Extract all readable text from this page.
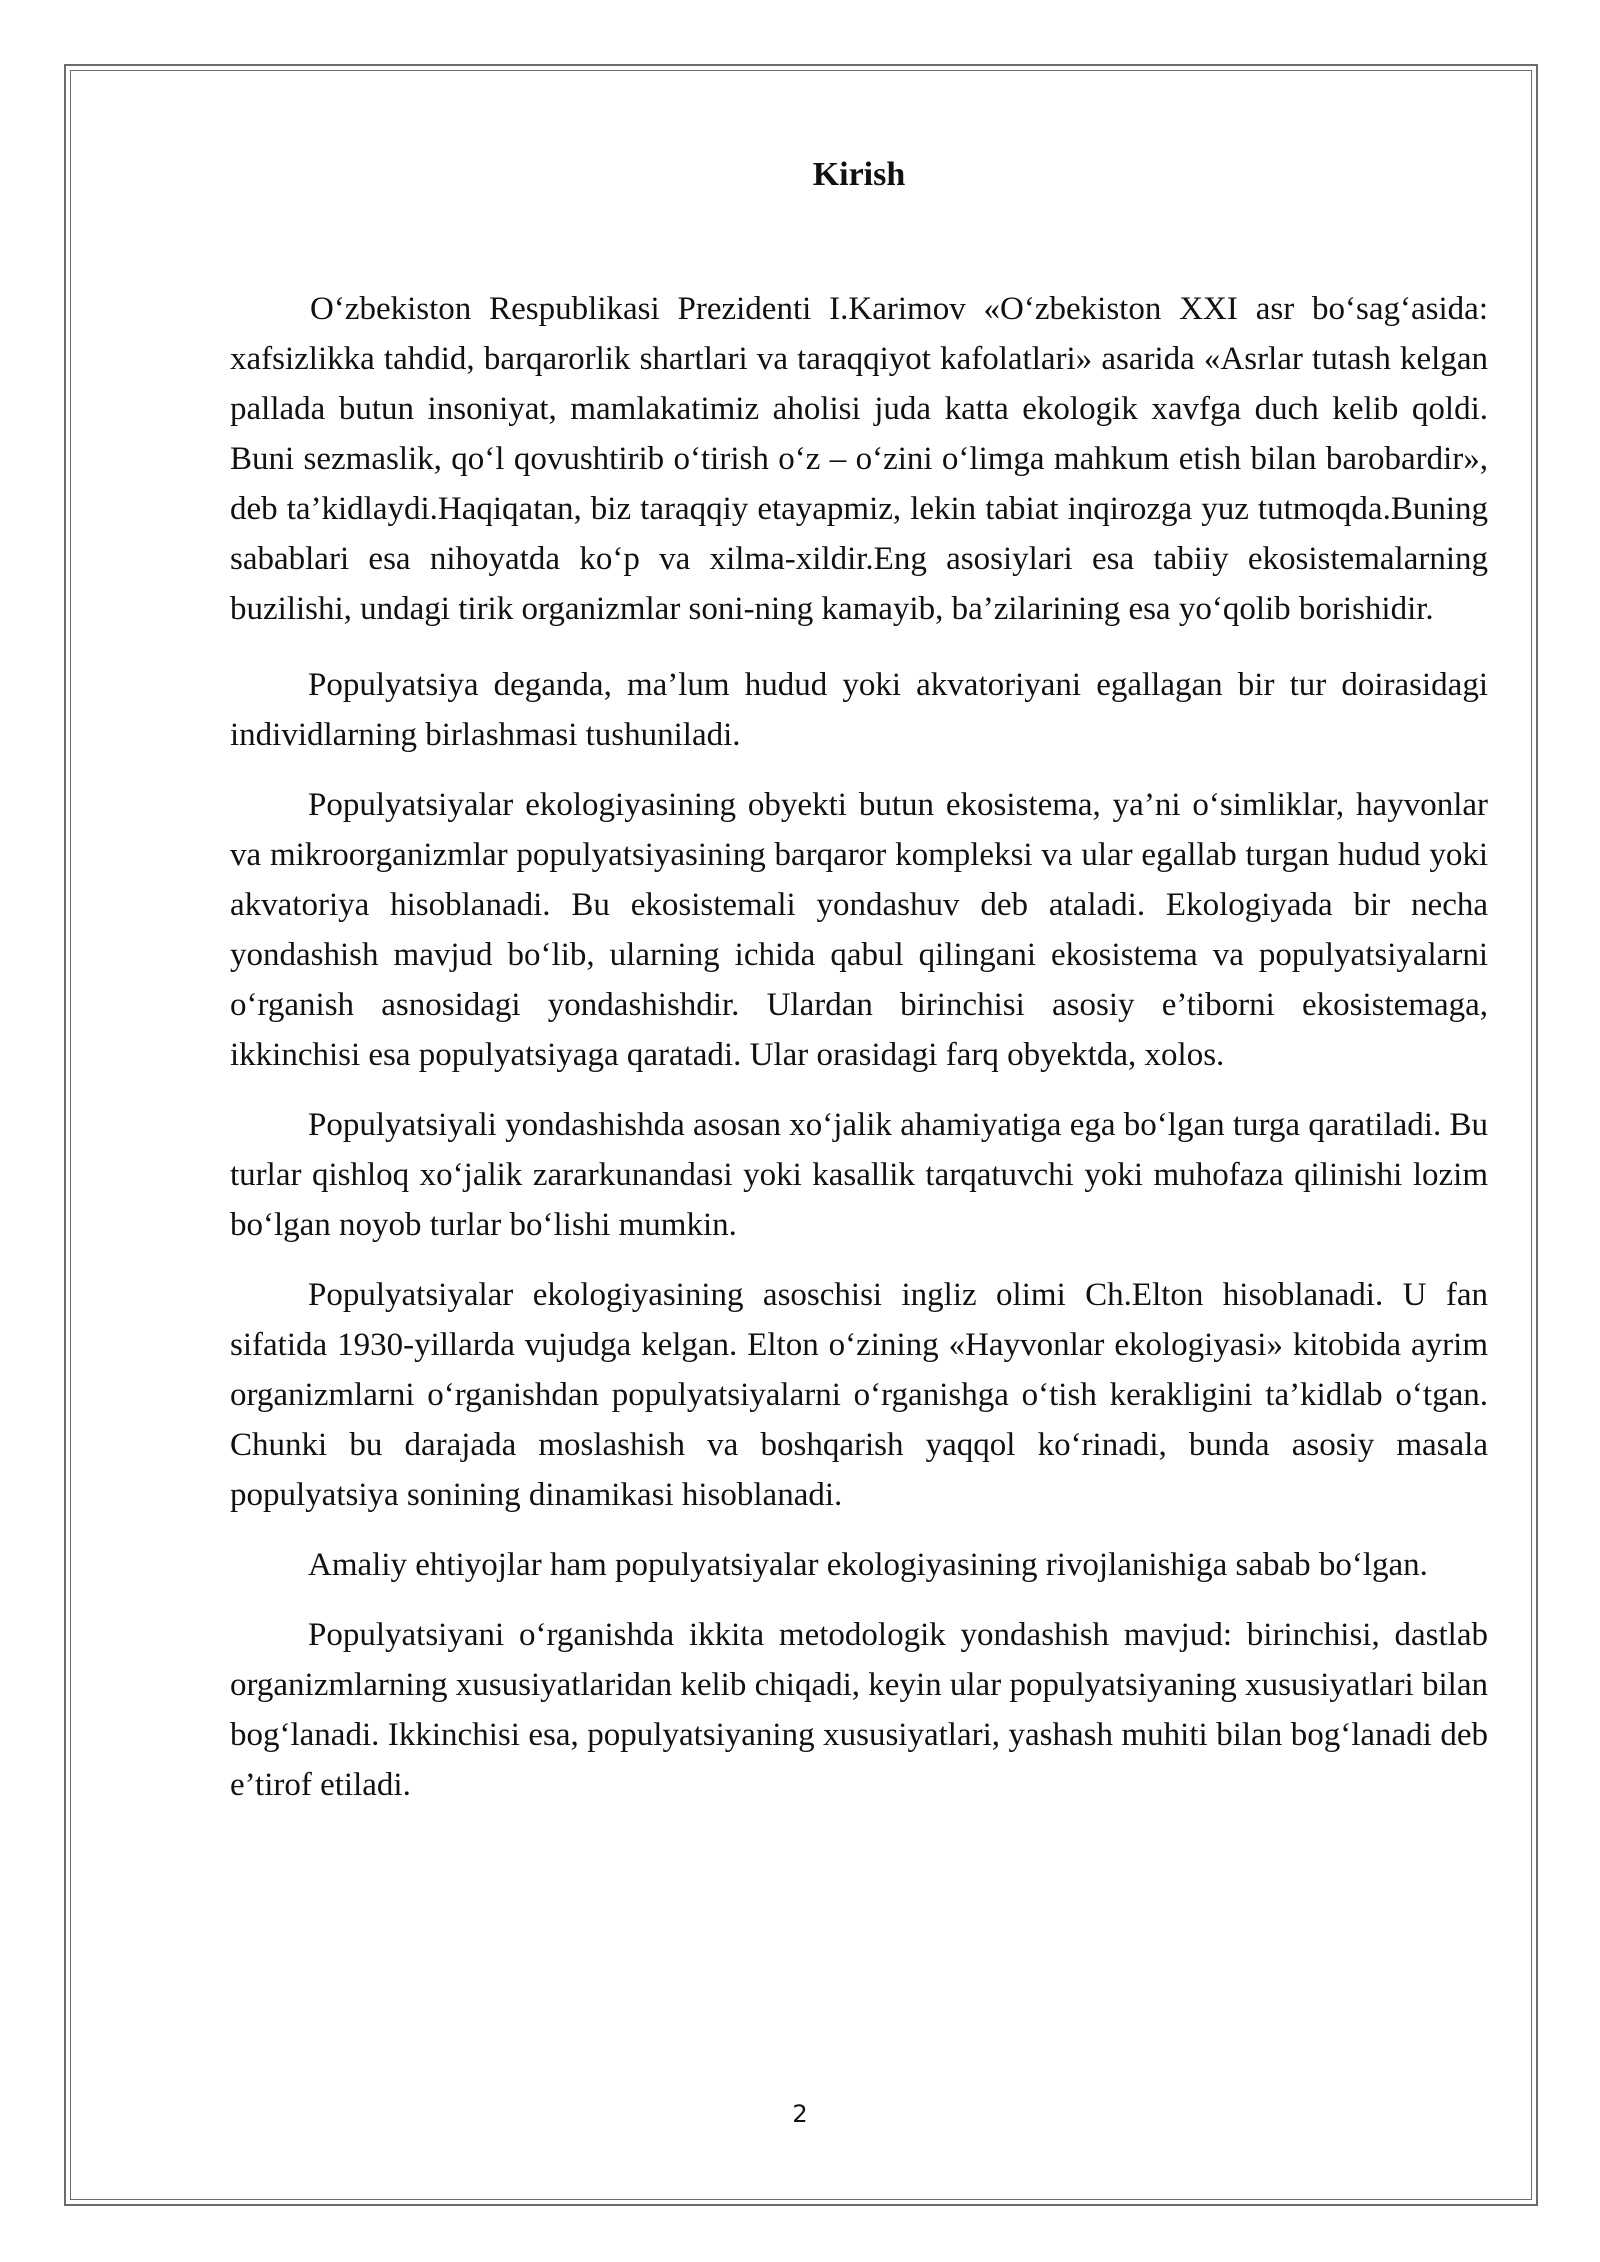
Kirish

O‘zbekiston Respublikasi Prezidenti I.Karimov «O‘zbekiston XXI asr bo‘sag‘asida: xafsizlikka tahdid, barqarorlik shartlari va taraqqiyot kafolatlari» asarida «Asrlar tutash kelgan pallada butun insoniyat, mamlakatimiz aholisi juda katta ekologik xavfga duch kelib qoldi. Buni sezmaslik, qo‘l qovushtirib o‘tirish o‘z – o‘zini o‘limga mahkum etish bilan barobardir», deb ta’kidlaydi.Haqiqatan, biz taraqqiy etayapmiz, lekin tabiat inqirozga yuz tutmoqda.Buning sabablari esa nihoyatda ko‘p va xilma-xildir.Eng asosiylari esa tabiiy ekosistemalarning buzilishi, undagi tirik organizmlar soni-ning kamayib, ba’zilarining esa yo‘qolib borishidir.

Populyatsiya deganda, ma’lum hudud yoki akvatoriyani egallagan bir tur doirasidagi individlarning birlashmasi tushuniladi.

Populyatsiyalar ekologiyasining obyekti butun ekosistema, ya’ni o‘simliklar, hayvonlar va mikroorganizmlar populyatsiyasining barqaror kompleksi va ular egallab turgan hudud yoki akvatoriya hisoblanadi. Bu ekosistemali yondashuv deb ataladi. Ekologiyada bir necha yondashish mavjud bo‘lib, ularning ichida qabul qilingani ekosistema va populyatsiyalarni o‘rganish asnosidagi yondashishdir. Ulardan birinchisi asosiy e’tiborni ekosistemaga, ikkinchisi esa populyatsiyaga qaratadi. Ular orasidagi farq obyektda, xolos.

Populyatsiyali yondashishda asosan xo‘jalik ahamiyatiga ega bo‘lgan turga qaratiladi. Bu turlar qishloq xo‘jalik zararkunandasi yoki kasallik tarqatuvchi yoki muhofaza qilinishi lozim bo‘lgan noyob turlar bo‘lishi mumkin.

Populyatsiyalar ekologiyasining asoschisi ingliz olimi Ch.Elton hisoblanadi. U fan sifatida 1930-yillarda vujudga kelgan. Elton o‘zining «Hayvonlar ekologiyasi» kitobida ayrim organizmlarni o‘rganishdan populyatsiyalarni o‘rganishga o‘tish kerakligini ta’kidlab o‘tgan. Chunki bu darajada moslashish va boshqarish yaqqol ko‘rinadi, bunda asosiy masala populyatsiya sonining dinamikasi hisoblanadi.

Amaliy ehtiyojlar ham populyatsiyalar ekologiyasining rivojlanishiga sabab bo‘lgan.

Populyatsiyani o‘rganishda ikkita metodologik yondashish mavjud: birinchisi, dastlab organizmlarning xususiyatlaridan kelib chiqadi, keyin ular populyatsiyaning xususiyatlari bilan bog‘lanadi. Ikkinchisi esa, populyatsiyaning xususiyatlari, yashash muhiti bilan bog‘lanadi deb e’tirof etiladi.

2
